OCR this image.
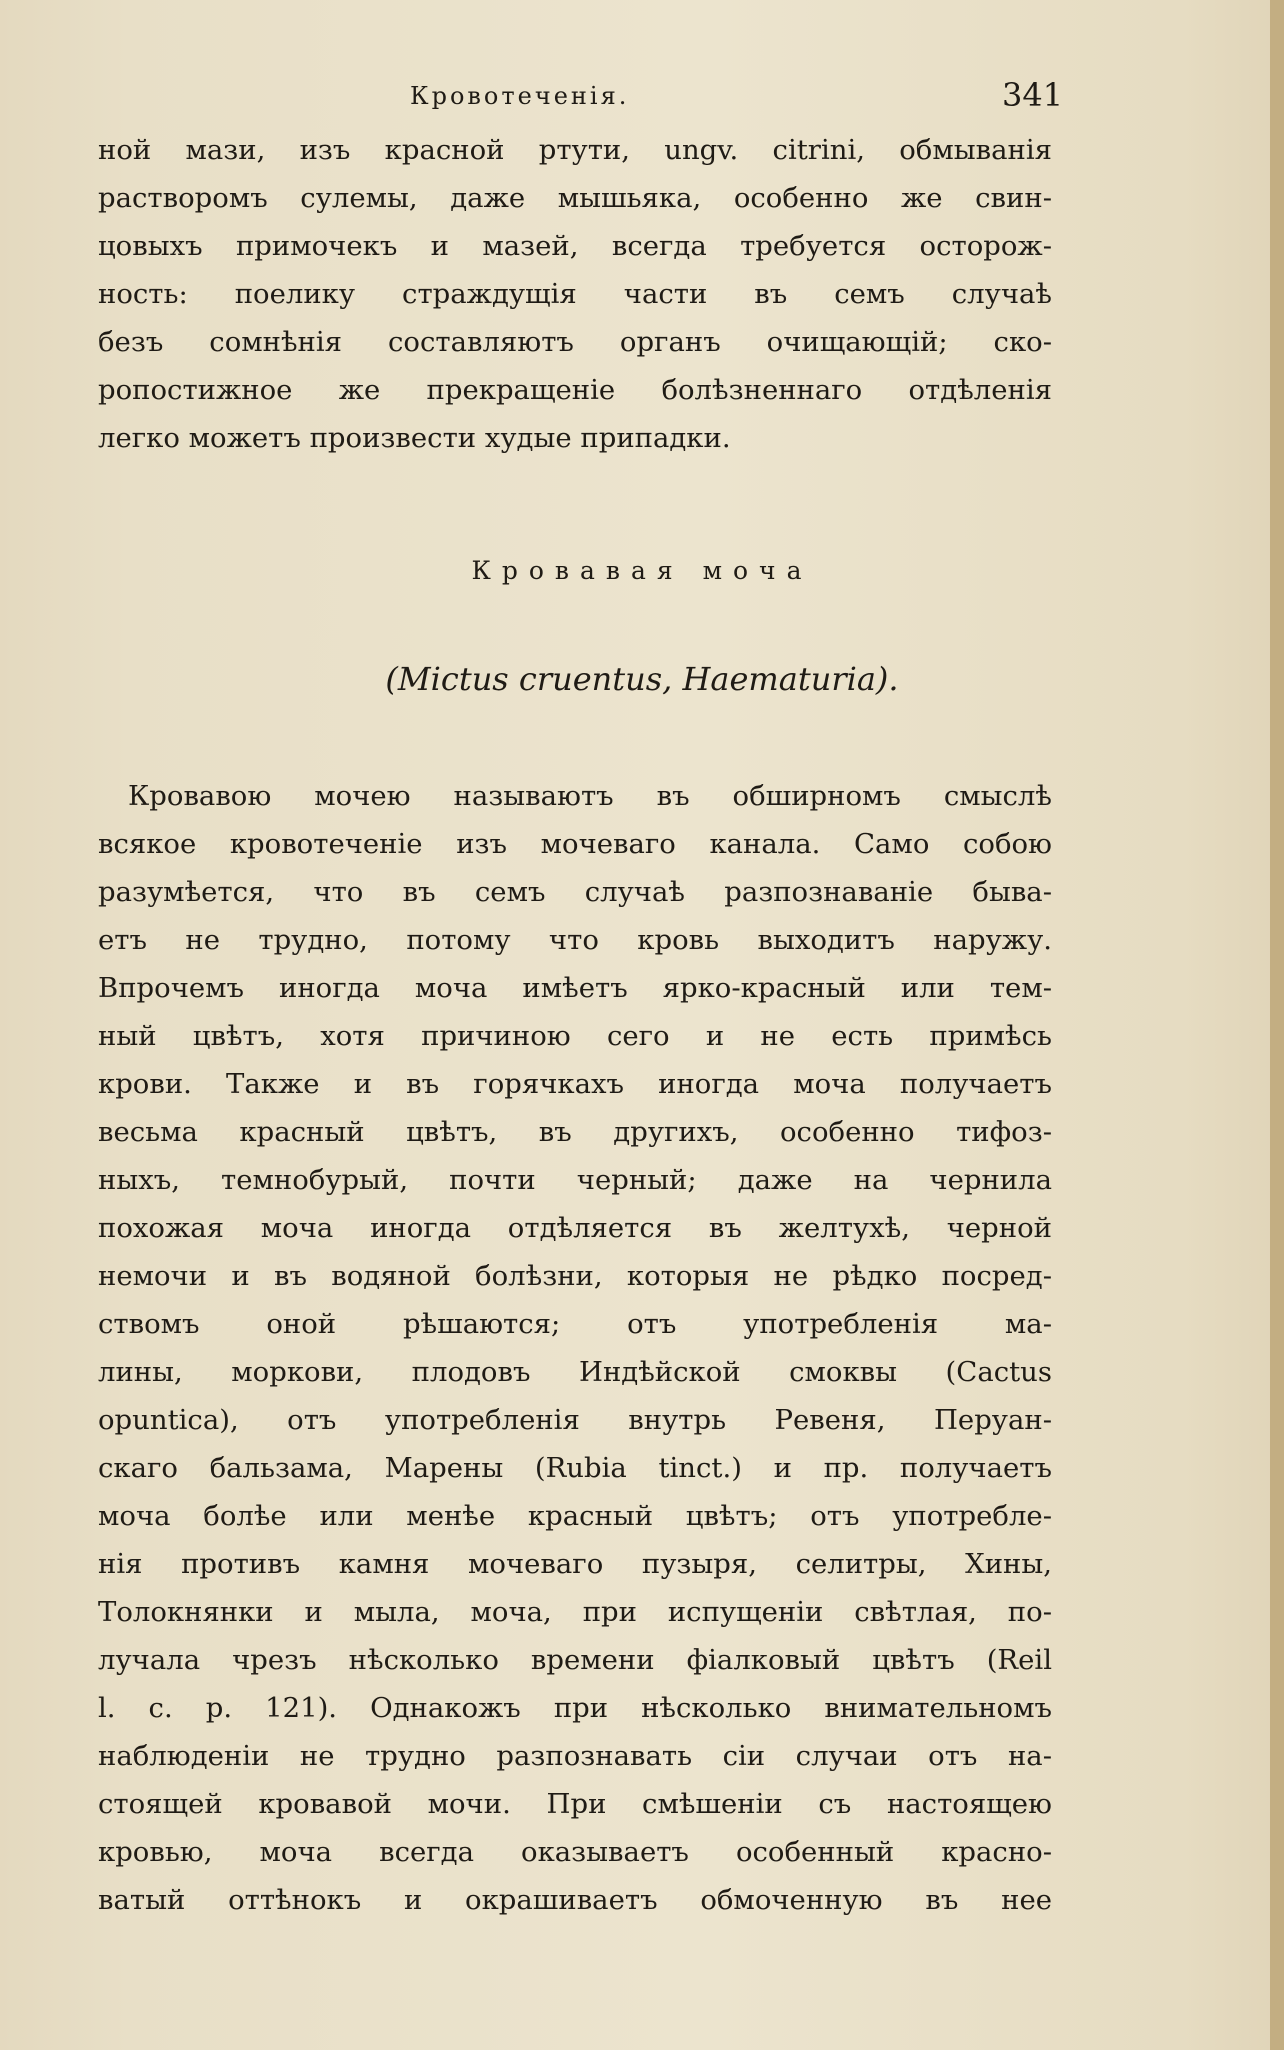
Кровотеченія.	341
ной мази, изъ красной ртути, ungv. citrini, обмыванія
растворомъ сулемы, даже мышьяка, особенно же свин-
цовыхъ примочекъ и мазей, всегда требуется осторож-
ность: поелику страждущія части въ семъ случаѣ
безъ сомнѣнія составляютъ органъ очищающій; ско-
ропостижное же прекращеніе болѣзненнаго отдѣленія
легко можетъ произвести худые припадки.
Кровавая моча
(Mictus cruentus, Haematuria).
Кровавою мочею называютъ въ обширномъ смыслѣ
всякое кровотеченіе изъ мочеваго канала. Само собою
разумѣется, что въ семъ случаѣ разпознаваніе быва-
етъ не трудно, потому что кровь выходитъ наружу.
Впрочемъ иногда моча имѣетъ ярко-красный или тем-
ный цвѣтъ, хотя причиною сего и не есть примѣсь
крови. Также и въ горячкахъ иногда моча получаетъ
весьма красный цвѣтъ, въ другихъ, особенно тифоз-
ныхъ, темнобурый, почти черный; даже на чернила
похожая моча иногда отдѣляется въ желтухѣ, черной
немочи и въ водяной болѣзни, которыя не рѣдко посред-
ствомъ оной рѣшаются; отъ употребленія ма-
лины, моркови, плодовъ Индѣйской смоквы (Cactus
opuntica), отъ употребленія внутрь Ревеня, Перуан-
скаго бальзама, Марены (Rubia tinct.) и пр. получаетъ
моча болѣе или менѣе красный цвѣтъ; отъ употребле-
нія противъ камня мочеваго пузыря, селитры, Хины,
Толокнянки и мыла, моча, при испущеніи свѣтлая, по-
лучала чрезъ нѣсколько времени фіалковый цвѣтъ (Reil
l. c. p. 121). Однакожъ при нѣсколько внимательномъ
наблюденіи не трудно разпознавать сіи случаи отъ на-
стоящей кровавой мочи. При смѣшеніи съ настоящею
кровью, моча всегда оказываетъ особенный красно-
ватый оттѣнокъ и окрашиваетъ обмоченную въ нее
